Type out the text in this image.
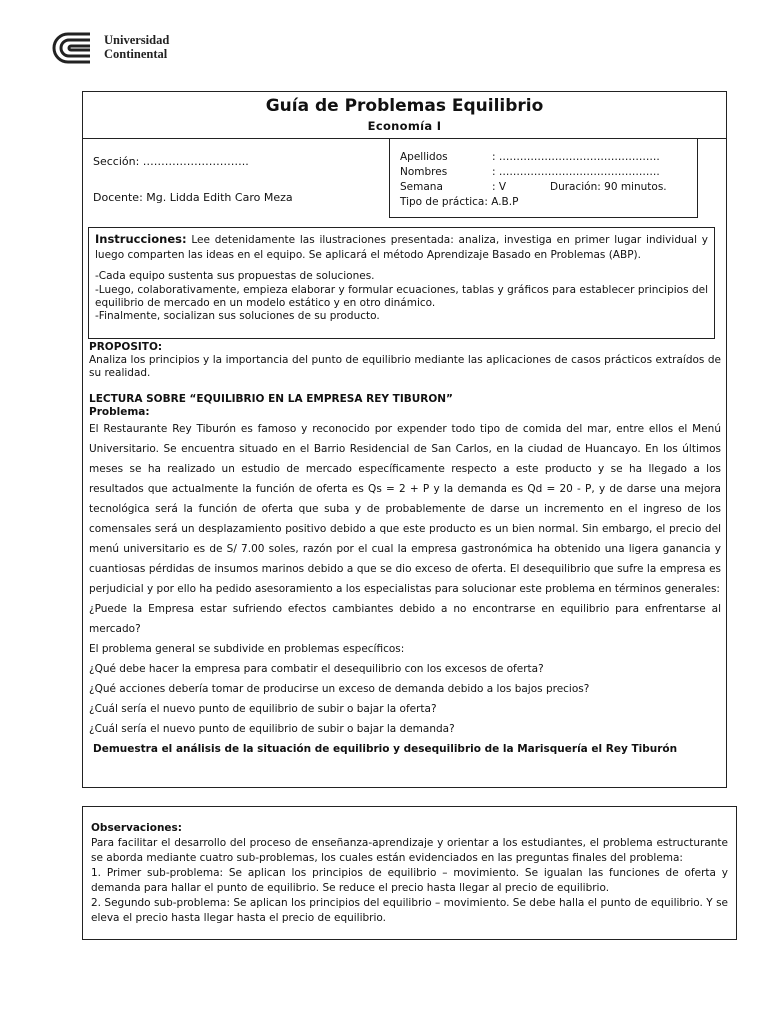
Universidad
Continental
Guía de Problemas Equilibrio
Economía I
Sección: ………………………..
Docente: Mg. Lidda Edith Caro Meza
Apellidos	: ……………………………………….
Nombres	: ……………………………………….
Semana	: V	Duración: 90 minutos.
Tipo de práctica: A.B.P

Instrucciones: Lee detenidamente las ilustraciones presentada: analiza, investiga en primer lugar individual y luego comparten las ideas en el equipo. Se aplicará el método Aprendizaje Basado en Problemas (ABP).

-Cada equipo sustenta sus propuestas de soluciones.

-Luego, colaborativamente, empieza elaborar y formular ecuaciones, tablas y gráficos para establecer principios del equilibrio de mercado en un modelo estático y en otro dinámico.

-Finalmente, socializan sus soluciones de su producto.

PROPOSITO:

Analiza los principios y la importancia del punto de equilibrio mediante las aplicaciones de casos prácticos extraídos de su realidad.

LECTURA SOBRE “EQUILIBRIO EN LA EMPRESA REY TIBURON”

Problema:

El Restaurante Rey Tiburón es famoso y reconocido por expender todo tipo de comida del mar, entre ellos el Menú Universitario. Se encuentra situado en el Barrio Residencial de San Carlos, en la ciudad de Huancayo. En los últimos meses se ha realizado un estudio de mercado específicamente respecto a este producto y se ha llegado a los resultados que actualmente la función de oferta es Qs = 2 + P y la demanda es Qd = 20 - P, y de darse una mejora tecnológica será la función de oferta que suba y de probablemente de darse un incremento en el ingreso de los comensales será un desplazamiento positivo debido a que este producto es un bien normal. Sin embargo, el precio del menú universitario es de S/ 7.00 soles, razón por el cual la empresa gastronómica ha obtenido una ligera ganancia y cuantiosas pérdidas de insumos marinos debido a que se dio exceso de oferta. El desequilibrio que sufre la empresa es perjudicial y por ello ha pedido asesoramiento a los especialistas para solucionar este problema en términos generales:

¿Puede la Empresa estar sufriendo efectos cambiantes debido a no encontrarse en equilibrio para enfrentarse al mercado?

El problema general se subdivide en problemas específicos:

¿Qué debe hacer la empresa para combatir el desequilibrio con los excesos de oferta?

¿Qué acciones debería tomar de producirse un exceso de demanda debido a los bajos precios?

¿Cuál sería el nuevo punto de equilibrio de subir o bajar la oferta?

¿Cuál sería el nuevo punto de equilibrio de subir o bajar la demanda?

Demuestra el análisis de la situación de equilibrio y desequilibrio de la Marisquería el Rey Tiburón

Observaciones:

Para facilitar el desarrollo del proceso de enseñanza-aprendizaje y orientar a los estudiantes, el problema estructurante se aborda mediante cuatro sub-problemas, los cuales están evidenciados en las preguntas finales del problema:

1. Primer sub-problema: Se aplican los principios de equilibrio – movimiento. Se igualan las funciones de oferta y demanda para hallar el punto de equilibrio. Se reduce el precio hasta llegar al precio de equilibrio.

2. Segundo sub-problema: Se aplican los principios del equilibrio – movimiento. Se debe halla el punto de equilibrio. Y se eleva el precio hasta llegar hasta el precio de equilibrio.
